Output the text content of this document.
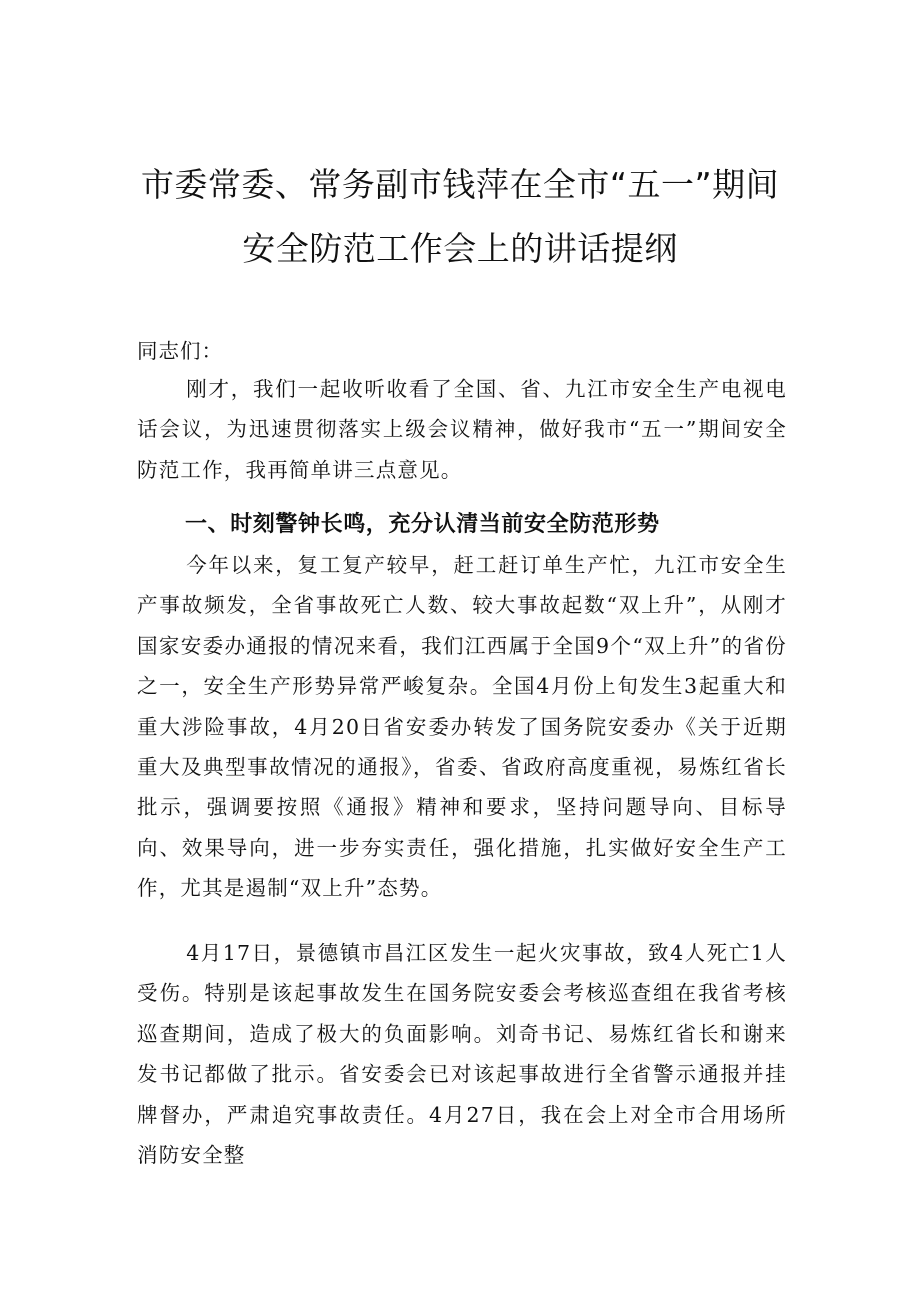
市委常委、常务副市钱萍在全市“五一”期间
安全防范工作会上的讲话提纲
同志们：

刚才，我们一起收听收看了全国、省、九江市安全生产电视电话会议，为迅速贯彻落实上级会议精神，做好我市“五一”期间安全防范工作，我再简单讲三点意见。

一、时刻警钟长鸣，充分认清当前安全防范形势

今年以来，复工复产较早，赶工赶订单生产忙，九江市安全生产事故频发，全省事故死亡人数、较大事故起数“双上升”，从刚才国家安委办通报的情况来看，我们江西属于全国9个“双上升”的省份之一，安全生产形势异常严峻复杂。全国4月份上旬发生3起重大和重大涉险事故，4月20日省安委办转发了国务院安委办《关于近期重大及典型事故情况的通报》，省委、省政府高度重视，易炼红省长批示，强调要按照《通报》精神和要求，坚持问题导向、目标导向、效果导向，进一步夯实责任，强化措施，扎实做好安全生产工作，尤其是遏制“双上升”态势。

4月17日，景德镇市昌江区发生一起火灾事故，致4人死亡1人受伤。特别是该起事故发生在国务院安委会考核巡查组在我省考核巡查期间，造成了极大的负面影响。刘奇书记、易炼红省长和谢来发书记都做了批示。省安委会已对该起事故进行全省警示通报并挂牌督办，严肃追究事故责任。4月27日，我在会上对全市合用场所消防安全整
